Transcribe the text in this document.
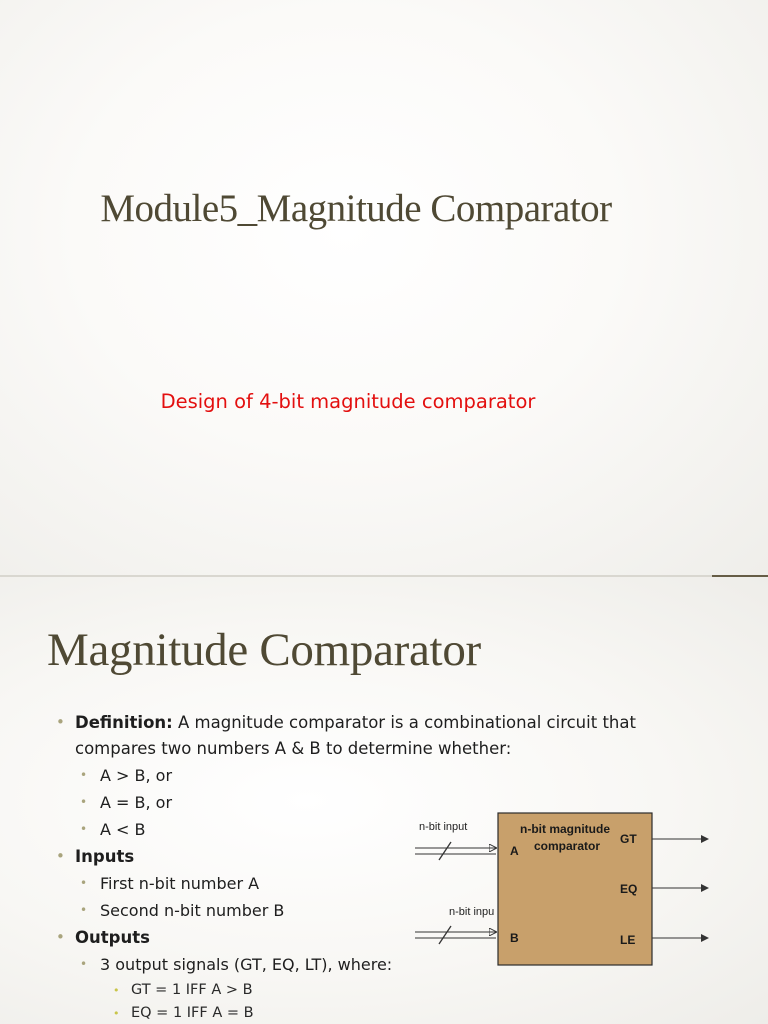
Module5_Magnitude Comparator
Design of 4-bit magnitude comparator
Magnitude Comparator
• Definition: A magnitude comparator is a combinational circuit that
compares two numbers A & B to determine whether:
• A > B, or
• A = B, or
• A < B
• Inputs
• First n-bit number A
• Second n-bit number B
• Outputs
• 3 output signals (GT, EQ, LT), where:
• GT = 1 IFF A > B
• EQ = 1 IFF A = B
n-bit input
n-bit inpu
n-bit magnitude
comparator
A
B
GT
EQ
LE
